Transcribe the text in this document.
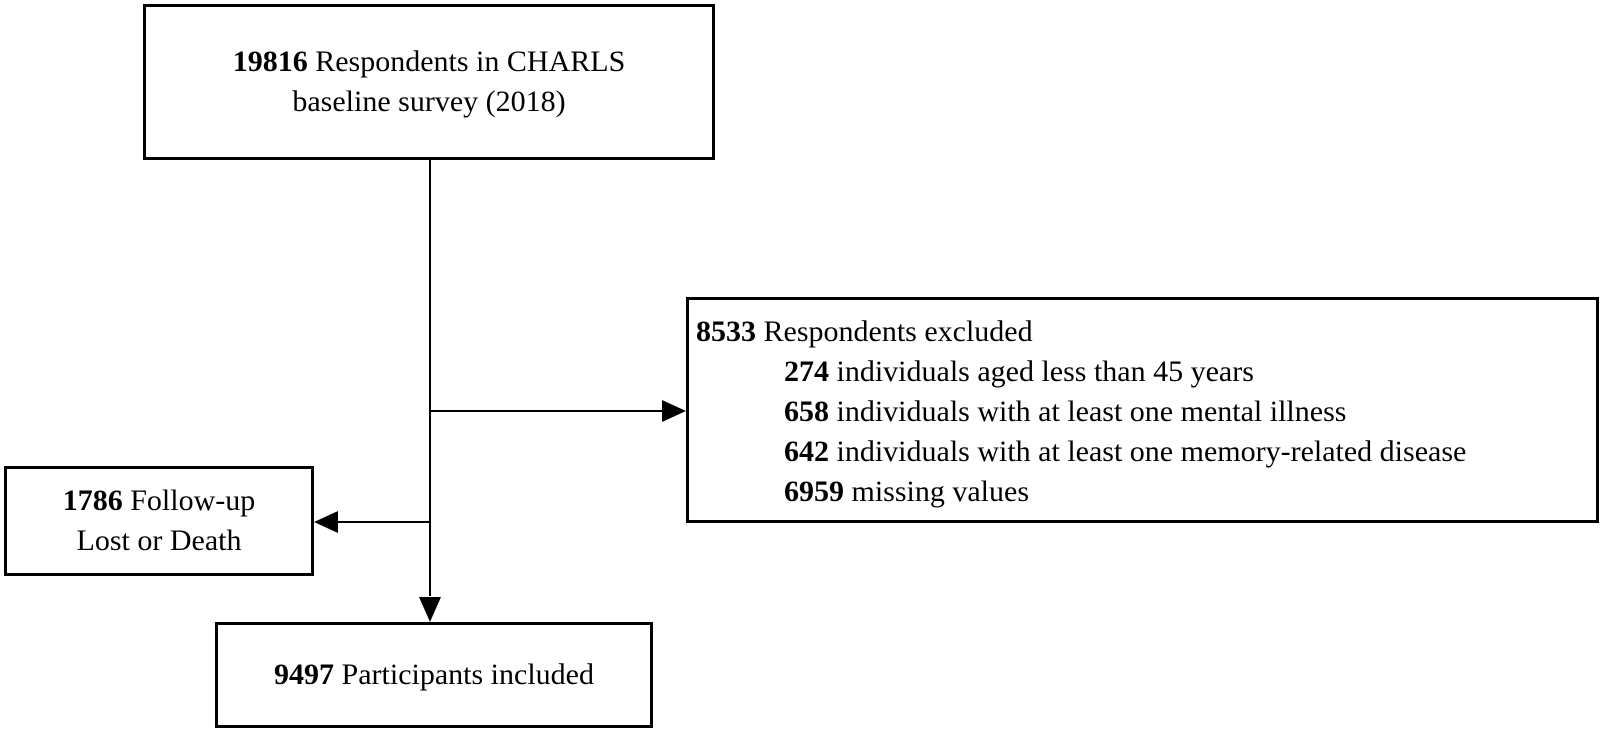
19816 Respondents in CHARLS
baseline survey (2018)
8533 Respondents excluded
274 individuals aged less than 45 years
658 individuals with at least one mental illness
642 individuals with at least one memory-related disease
6959 missing values
1786 Follow-up
Lost or Death
9497 Participants included
